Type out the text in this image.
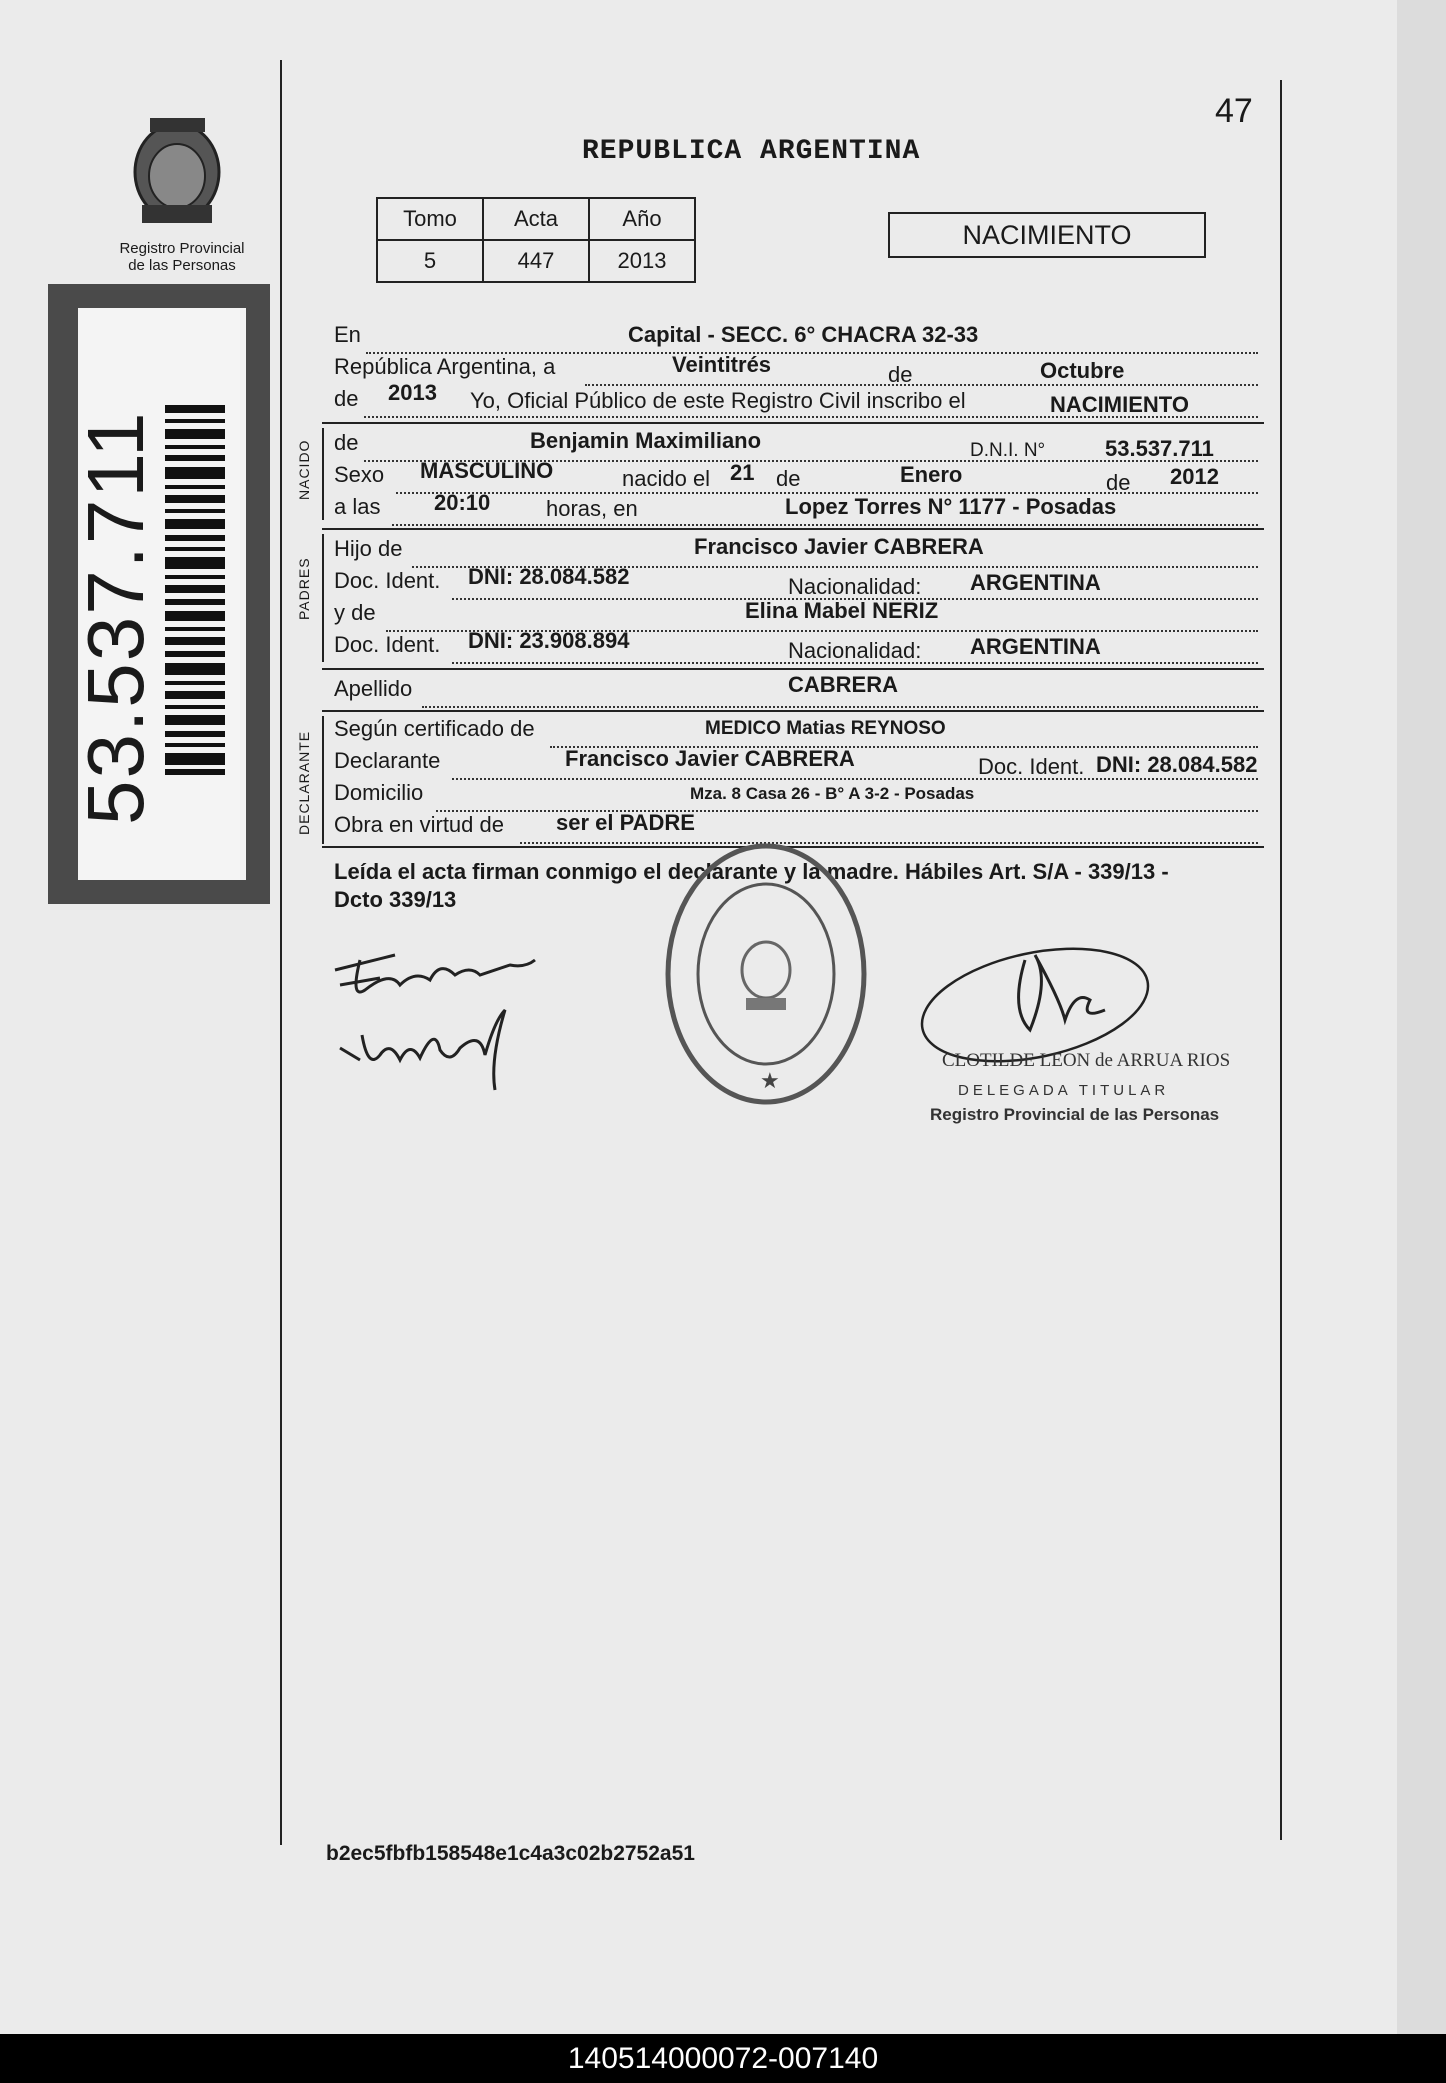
Registro Provincial
de las Personas
53.537.711
REPUBLICA ARGENTINA
47
Tomo	Acta	Año
5	447	2013
NACIMIENTO
En	Capital - SECC. 6° CHACRA 32-33
República Argentina, a	Veintitrés	de	Octubre
de 2013 Yo, Oficial Público de este Registro Civil inscribo el	NACIMIENTO
NACIDO de	Benjamin Maximiliano	D.N.I. N°	53.537.711
Sexo MASCULINO	nacido el 21 de	Enero	de 2012
a las 20:10	horas, en	Lopez Torres N° 1177 - Posadas
PADRES
Hijo de	Francisco Javier CABRERA
Doc. Ident. DNI: 28.084.582	Nacionalidad: ARGENTINA
y de	Elina Mabel NERIZ
Doc. Ident. DNI: 23.908.894	Nacionalidad: ARGENTINA
Apellido	CABRERA
DECLARANTE
Según certificado de	MEDICO Matias REYNOSO
Declarante	Francisco Javier CABRERA	Doc. Ident. DNI: 28.084.582
Domicilio	Mza. 8 Casa 26 - B° A 3-2 - Posadas
Obra en virtud de ser el PADRE
Leída el acta firman conmigo el declarante y la madre. Hábiles Art. S/A - 339/13 -
Dcto 339/13
★
CLOTILDE LEON de ARRUA RIOS
DELEGADA TITULAR
Registro Provincial de las Personas
b2ec5fbfb158548e1c4a3c02b2752a51
140514000072-007140
